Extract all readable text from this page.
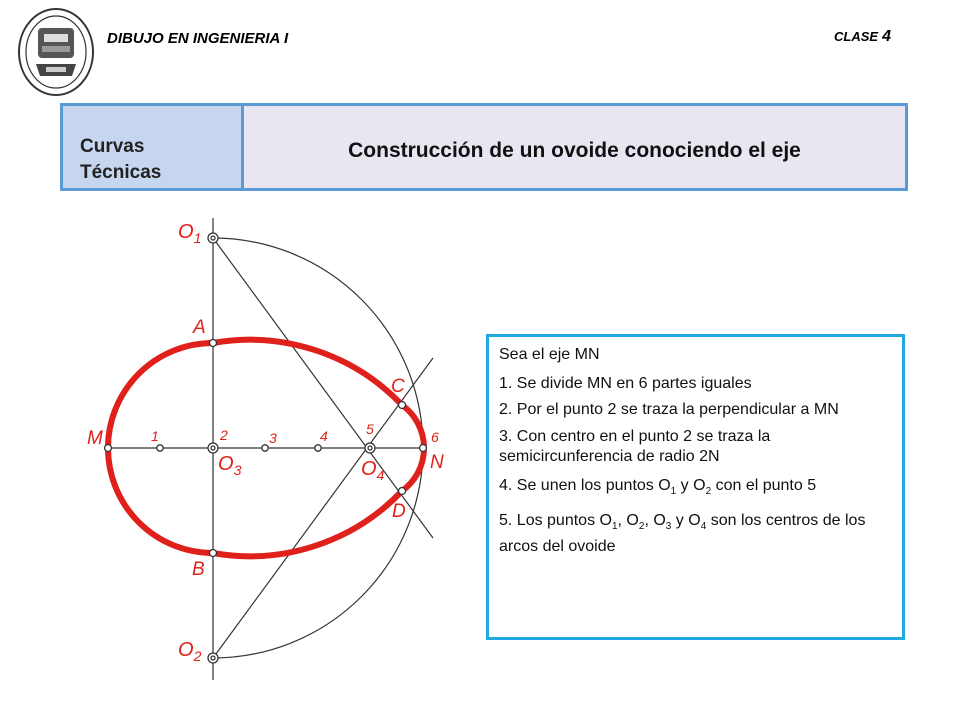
DIBUJO EN INGENIERIA I	CLASE 4
Curvas
Técnicas
Construcción de un ovoide conociendo el eje
$O_1$
A
C
M	1	2	3	4	5	6
N
$O_3$	$O_4$
D
B
$O_2$

Sea el eje MN

1. Se divide MN en 6 partes iguales

2. Por el punto 2 se traza la perpendicular a MN

3. Con centro en el punto 2 se traza la semicircunferencia de radio 2N

4. Se unen los puntos $O_1$ y $O_2$ con el punto 5

5. Los puntos $O_1$, $O_2$, $O_3$ y $O_4$ son los centros de los arcos del ovoide
